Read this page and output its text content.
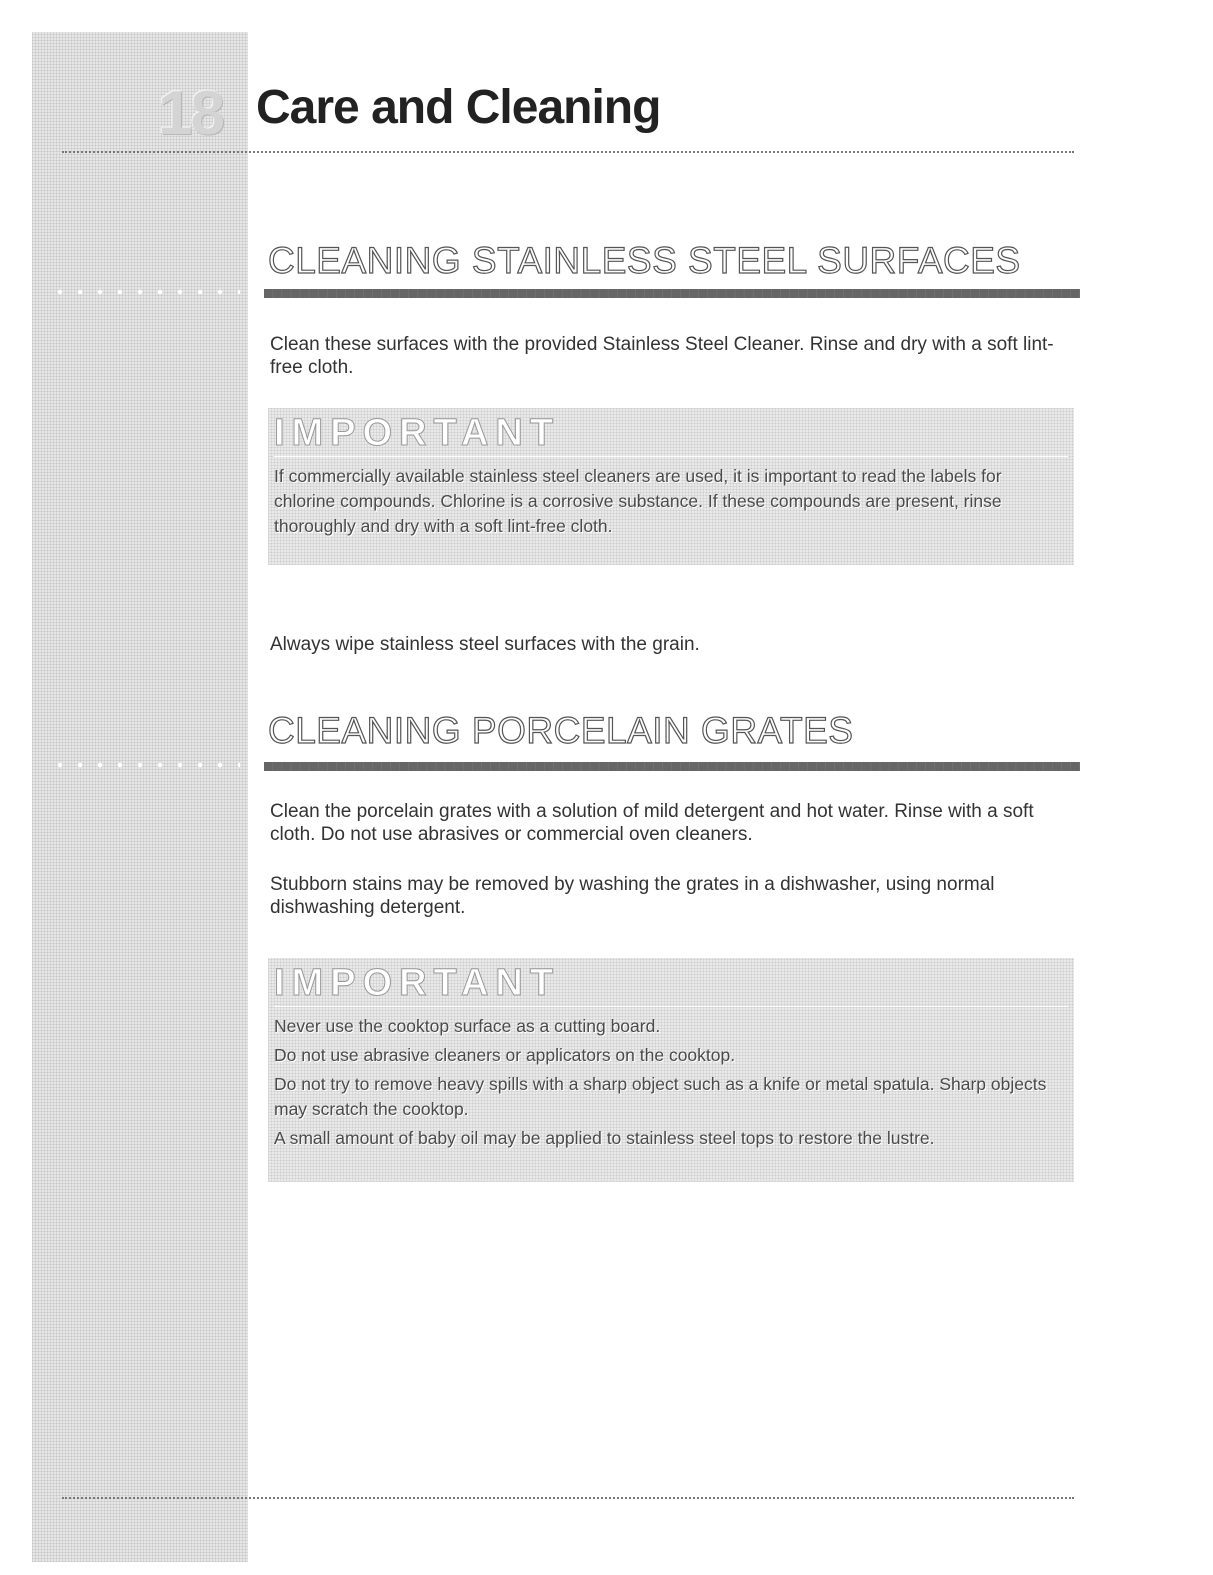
18 Care and Cleaning
CLEANING STAINLESS STEEL SURFACES

Clean these surfaces with the provided Stainless Steel Cleaner. Rinse and dry with a soft lint-free cloth.

IMPORTANT

If commercially available stainless steel cleaners are used, it is important to read the labels for chlorine compounds. Chlorine is a corrosive substance. If these compounds are present, rinse thoroughly and dry with a soft lint-free cloth.

Always wipe stainless steel surfaces with the grain.

CLEANING PORCELAIN GRATES

Clean the porcelain grates with a solution of mild detergent and hot water. Rinse with a soft cloth. Do not use abrasives or commercial oven cleaners.

Stubborn stains may be removed by washing the grates in a dishwasher, using normal dishwashing detergent.

IMPORTANT
Never use the cooktop surface as a cutting board.
Do not use abrasive cleaners or applicators on the cooktop.
Do not try to remove heavy spills with a sharp object such as a knife or metal spatula. Sharp objects may scratch the cooktop.
A small amount of baby oil may be applied to stainless steel tops to restore the lustre.
